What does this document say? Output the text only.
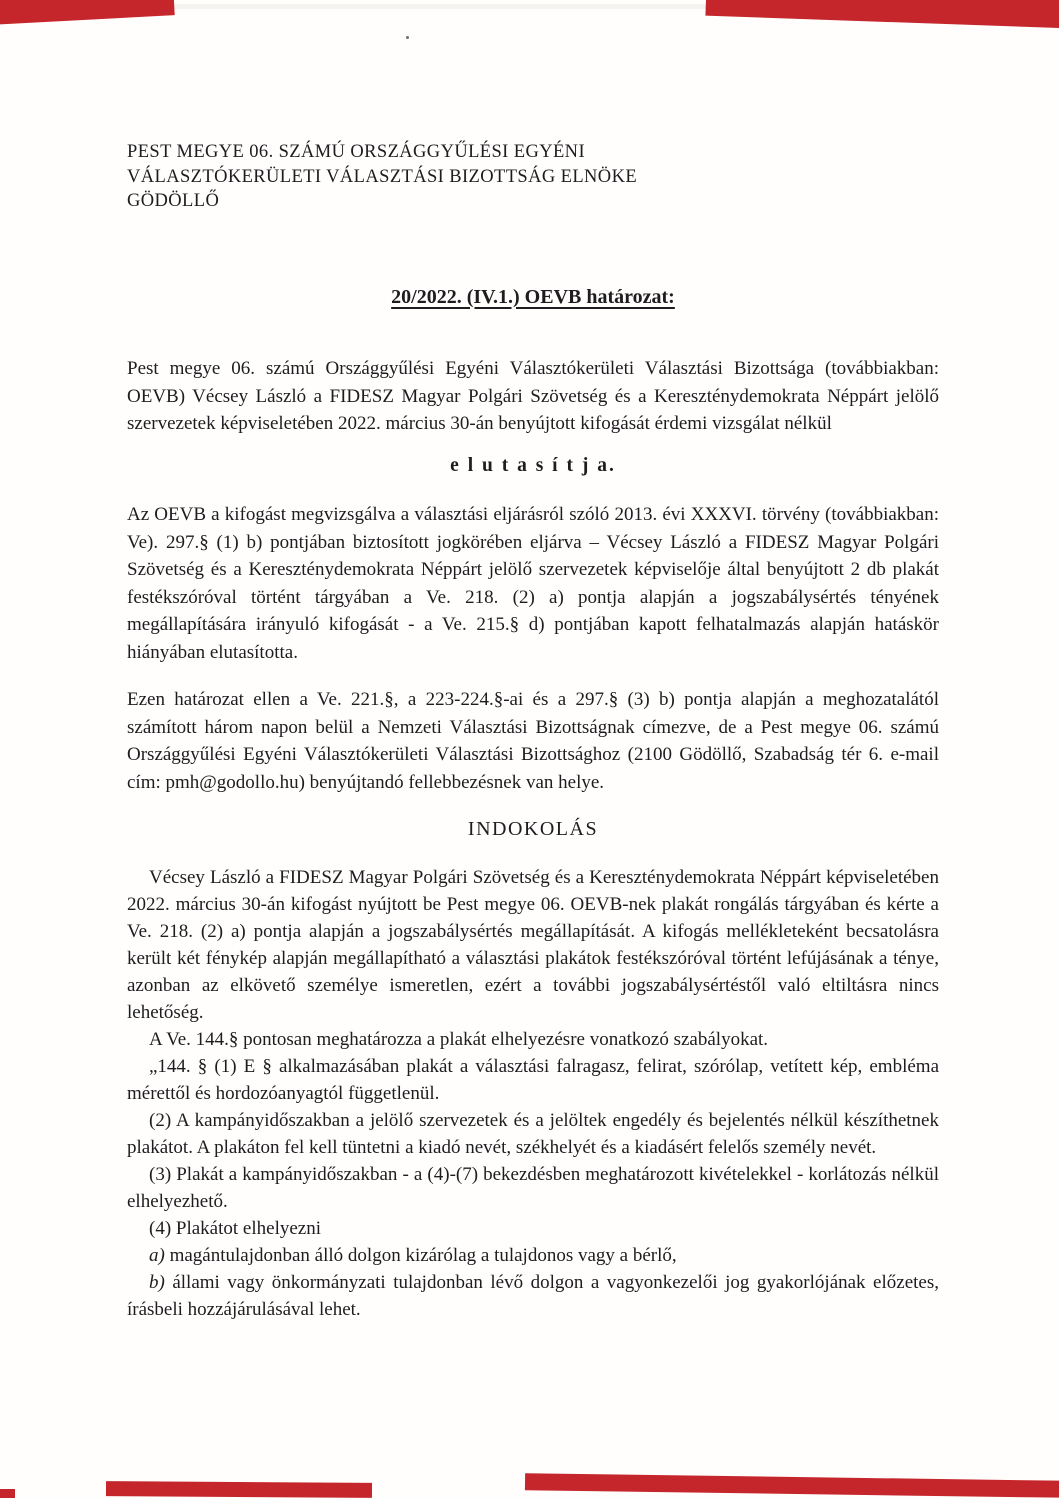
PEST MEGYE 06. SZÁMÚ ORSZÁGGYŰLÉSI EGYÉNI
VÁLASZTÓKERÜLETI VÁLASZTÁSI BIZOTTSÁG ELNÖKE
GÖDÖLLŐ
20/2022. (IV.1.) OEVB határozat:

Pest megye 06. számú Országgyűlési Egyéni Választókerületi Választási Bizottsága (továbbiakban: OEVB) Vécsey László a FIDESZ Magyar Polgári Szövetség és a Kereszténydemokrata Néppárt jelölő szervezetek képviseletében 2022. március 30-án benyújtott kifogását érdemi vizsgálat nélkül

e l u t a s í t j a.

Az OEVB a kifogást megvizsgálva a választási eljárásról szóló 2013. évi XXXVI. törvény (továbbiakban: Ve). 297.§ (1) b) pontjában biztosított jogkörében eljárva – Vécsey László a FIDESZ Magyar Polgári Szövetség és a Kereszténydemokrata Néppárt jelölő szervezetek képviselője által benyújtott 2 db plakát festékszóróval történt tárgyában a Ve. 218. (2) a) pontja alapján a jogszabálysértés tényének megállapítására irányuló kifogását - a Ve. 215.§ d) pontjában kapott felhatalmazás alapján hatáskör hiányában elutasította.

Ezen határozat ellen a Ve. 221.§, a 223-224.§-ai és a 297.§ (3) b) pontja alapján a meghozatalától számított három napon belül a Nemzeti Választási Bizottságnak címezve, de a Pest megye 06. számú Országgyűlési Egyéni Választókerületi Választási Bizottsághoz (2100 Gödöllő, Szabadság tér 6. e-mail cím: pmh@godollo.hu) benyújtandó fellebbezésnek van helye.

INDOKOLÁS

Vécsey László a FIDESZ Magyar Polgári Szövetség és a Kereszténydemokrata Néppárt képviseletében 2022. március 30-án kifogást nyújtott be Pest megye 06. OEVB-nek plakát rongálás tárgyában és kérte a Ve. 218. (2) a) pontja alapján a jogszabálysértés megállapítását. A kifogás mellékleteként becsatolásra került két fénykép alapján megállapítható a választási plakátok festékszóróval történt lefújásának a ténye, azonban az elkövető személye ismeretlen, ezért a további jogszabálysértéstől való eltiltásra nincs lehetőség.

A Ve. 144.§ pontosan meghatározza a plakát elhelyezésre vonatkozó szabályokat.

„144. § (1) E § alkalmazásában plakát a választási falragasz, felirat, szórólap, vetített kép, embléma mérettől és hordozóanyagtól függetlenül.

(2) A kampányidőszakban a jelölő szervezetek és a jelöltek engedély és bejelentés nélkül készíthetnek plakátot. A plakáton fel kell tüntetni a kiadó nevét, székhelyét és a kiadásért felelős személy nevét.

(3) Plakát a kampányidőszakban - a (4)-(7) bekezdésben meghatározott kivételekkel - korlátozás nélkül elhelyezhető.

(4) Plakátot elhelyezni

a) magántulajdonban álló dolgon kizárólag a tulajdonos vagy a bérlő,

b) állami vagy önkormányzati tulajdonban lévő dolgon a vagyonkezelői jog gyakorlójának előzetes, írásbeli hozzájárulásával lehet.
